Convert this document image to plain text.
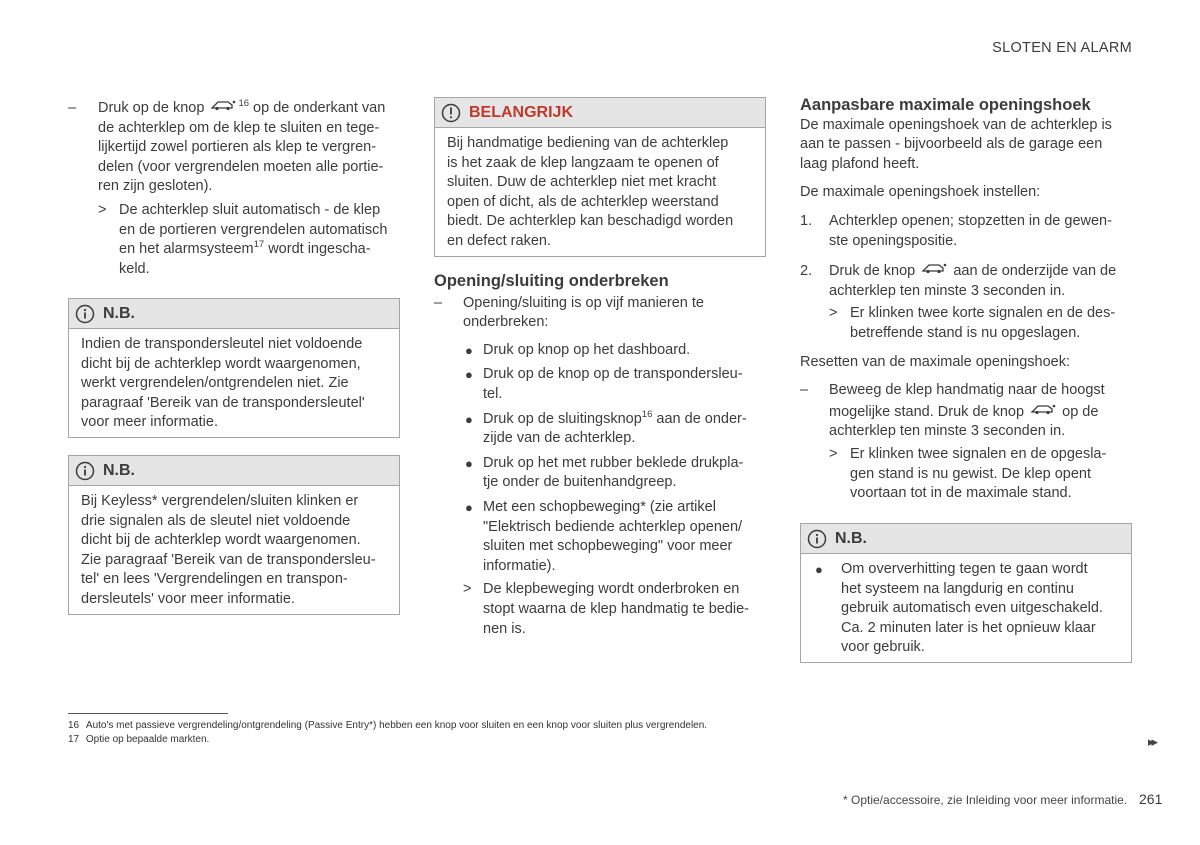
SLOTEN EN ALARM
– Druk op de knop	$^{16}$ op de onderkant van
de achterklep om de klep te sluiten en tege-
lijkertijd zowel portieren als klep te vergren-
delen (voor vergrendelen moeten alle portie-
ren zijn gesloten).
> De achterklep sluit automatisch - de klep
en de portieren vergrendelen automatisch
en het alarmsysteem$^{17}$ wordt ingescha-
keld.
N.B.
Indien de transpondersleutel niet voldoende
dicht bij de achterklep wordt waargenomen,
werkt vergrendelen/ontgrendelen niet. Zie
paragraaf 'Bereik van de transpondersleutel'
voor meer informatie.
N.B.
Bij Keyless* vergrendelen/sluiten klinken er
drie signalen als de sleutel niet voldoende
dicht bij de achterklep wordt waargenomen.
Zie paragraaf 'Bereik van de transpondersleu-
tel' en lees 'Vergrendelingen en transpon-
dersleutels' voor meer informatie.
BELANGRIJK
Bij handmatige bediening van de achterklep
is het zaak de klep langzaam te openen of
sluiten. Duw de achterklep niet met kracht
open of dicht, als de achterklep weerstand
biedt. De achterklep kan beschadigd worden
en defect raken.
Opening/sluiting onderbreken
– Opening/sluiting is op vijf manieren te
onderbreken:
● Druk op knop op het dashboard.
● Druk op de knop op de transpondersleu-
tel.
● Druk op de sluitingsknop$^{16}$ aan de onder-
zijde van de achterklep.
● Druk op het met rubber beklede drukpla-
tje onder de buitenhandgreep.
● Met een schopbeweging* (zie artikel
"Elektrisch bediende achterklep openen/
sluiten met schopbeweging" voor meer
informatie).
> De klepbeweging wordt onderbroken en
stopt waarna de klep handmatig te bedie-
nen is.
Aanpasbare maximale openingshoek
De maximale openingshoek van de achterklep is
aan te passen - bijvoorbeeld als de garage een
laag plafond heeft.
De maximale openingshoek instellen:
1. Achterklep openen; stopzetten in de gewen-
ste openingspositie.
2. Druk de knop	aan de onderzijde van de
achterklep ten minste 3 seconden in.
> Er klinken twee korte signalen en de des-
betreffende stand is nu opgeslagen.
Resetten van de maximale openingshoek:
– Beweeg de klep handmatig naar de hoogst
mogelijke stand. Druk de knop	op de
achterklep ten minste 3 seconden in.
> Er klinken twee signalen en de opgesla-
gen stand is nu gewist. De klep opent
voortaan tot in de maximale stand.
N.B.
● Om oververhitting tegen te gaan wordt
het systeem na langdurig en continu
gebruik automatisch even uitgeschakeld.
Ca. 2 minuten later is het opnieuw klaar
voor gebruik.
16 Auto's met passieve vergrendeling/ontgrendeling (Passive Entry*) hebben een knop voor sluiten en een knop voor sluiten plus vergrendelen.
17 Optie op bepaalde markten.	▸▸
* Optie/accessoire, zie Inleiding voor meer informatie. 261
